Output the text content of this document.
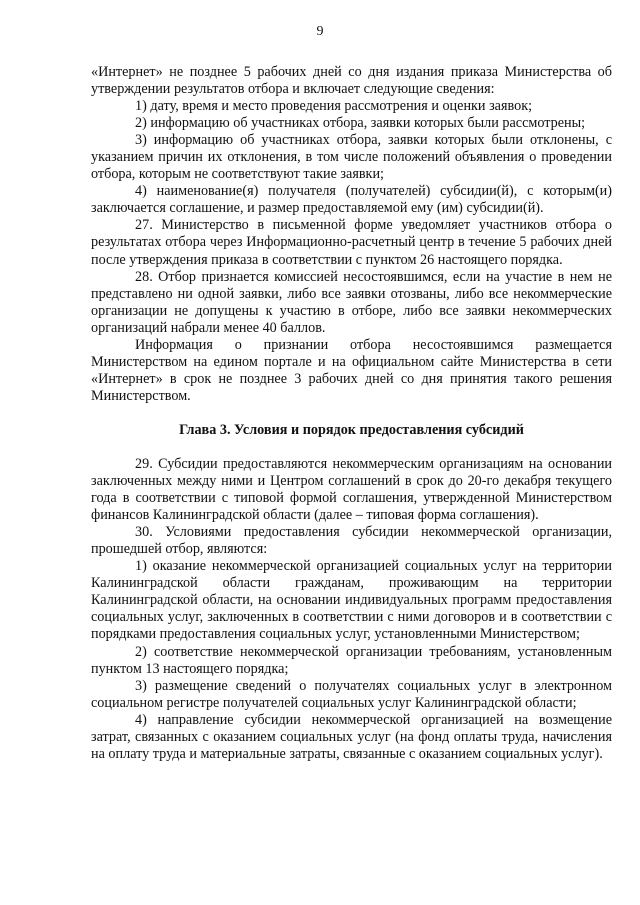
9

«Интернет» не позднее 5 рабочих дней со дня издания приказа Министерства об утверждении результатов отбора и включает следующие сведения:

1) дату, время и место проведения рассмотрения и оценки заявок;

2) информацию об участниках отбора, заявки которых были рассмотрены;

3) информацию об участниках отбора, заявки которых были отклонены, с указанием причин их отклонения, в том числе положений объявления о проведении отбора, которым не соответствуют такие заявки;

4) наименование(я) получателя (получателей) субсидии(й), с которым(и) заключается соглашение, и размер предоставляемой ему (им) субсидии(й).

27. Министерство в письменной форме уведомляет участников отбора о результатах отбора через Информационно-расчетный центр в течение 5 рабочих дней после утверждения приказа в соответствии с пунктом 26 настоящего порядка.

28. Отбор признается комиссией несостоявшимся, если на участие в нем не представлено ни одной заявки, либо все заявки отозваны, либо все некоммерческие организации не допущены к участию в отборе, либо все заявки некоммерческих организаций набрали менее 40 баллов.

Информация о признании отбора несостоявшимся размещается Министерством на едином портале и на официальном сайте Министерства в сети «Интернет» в срок не позднее 3 рабочих дней со дня принятия такого решения Министерством.

Глава 3. Условия и порядок предоставления субсидий

29. Субсидии предоставляются некоммерческим организациям на основании заключенных между ними и Центром соглашений в срок до 20-го декабря текущего года в соответствии с типовой формой соглашения, утвержденной Министерством финансов Калининградской области (далее – типовая форма соглашения).

30. Условиями предоставления субсидии некоммерческой организации, прошедшей отбор, являются:

1) оказание некоммерческой организацией социальных услуг на территории Калининградской области гражданам, проживающим на территории Калининградской области, на основании индивидуальных программ предоставления социальных услуг, заключенных в соответствии с ними договоров и в соответствии с порядками предоставления социальных услуг, установленными Министерством;

2) соответствие некоммерческой организации требованиям, установленным пунктом 13 настоящего порядка;

3) размещение сведений о получателях социальных услуг в электронном социальном регистре получателей социальных услуг Калининградской области;

4) направление субсидии некоммерческой организацией на возмещение затрат, связанных с оказанием социальных услуг (на фонд оплаты труда, начисления на оплату труда и материальные затраты, связанные с оказанием социальных услуг).
